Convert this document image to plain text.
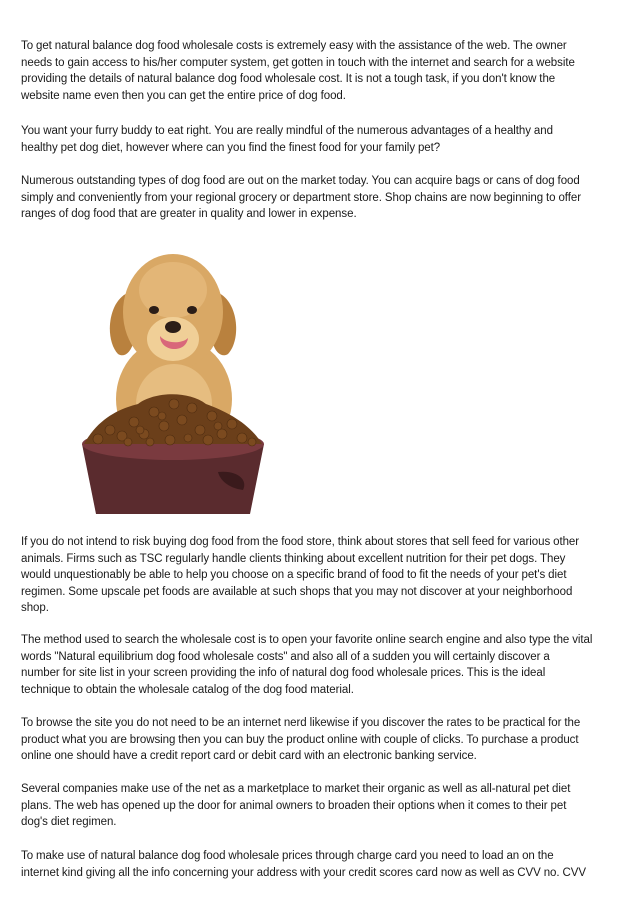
To get natural balance dog food wholesale costs is extremely easy with the assistance of the web. The owner
needs to gain access to his/her computer system, get gotten in touch with the internet and search for a website
providing the details of natural balance dog food wholesale cost. It is not a tough task, if you don't know the
website name even then you can get the entire price of dog food.

You want your furry buddy to eat right. You are really mindful of the numerous advantages of a healthy and
healthy pet dog diet, however where can you find the finest food for your family pet?

Numerous outstanding types of dog food are out on the market today. You can acquire bags or cans of dog food
simply and conveniently from your regional grocery or department store. Shop chains are now beginning to offer
ranges of dog food that are greater in quality and lower in expense.

If you do not intend to risk buying dog food from the food store, think about stores that sell feed for various other
animals. Firms such as TSC regularly handle clients thinking about excellent nutrition for their pet dogs. They
would unquestionably be able to help you choose on a specific brand of food to fit the needs of your pet's diet
regimen. Some upscale pet foods are available at such shops that you may not discover at your neighborhood
shop.

The method used to search the wholesale cost is to open your favorite online search engine and also type the vital
words "Natural equilibrium dog food wholesale costs" and also all of a sudden you will certainly discover a
number for site list in your screen providing the info of natural dog food wholesale prices. This is the ideal
technique to obtain the wholesale catalog of the dog food material.

To browse the site you do not need to be an internet nerd likewise if you discover the rates to be practical for the
product what you are browsing then you can buy the product online with couple of clicks. To purchase a product
online one should have a credit report card or debit card with an electronic banking service.

Several companies make use of the net as a marketplace to market their organic as well as all-natural pet diet
plans. The web has opened up the door for animal owners to broaden their options when it comes to their pet
dog's diet regimen.

To make use of natural balance dog food wholesale prices through charge card you need to load an on the
internet kind giving all the info concerning your address with your credit scores card now as well as CVV no. CVV
